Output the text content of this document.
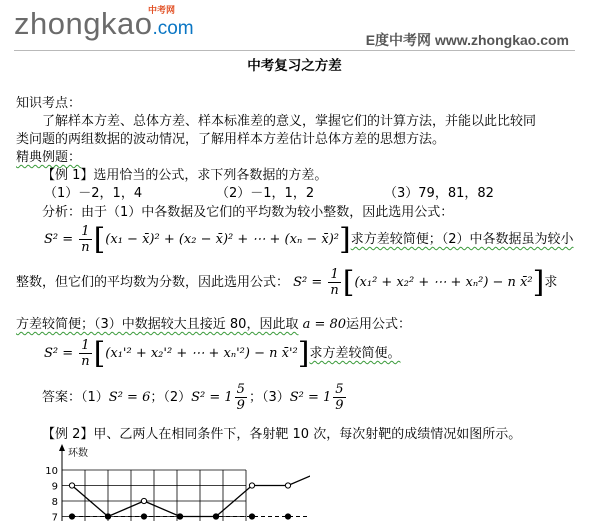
zhongkao.com
中考网
E度中考网 www.zhongkao.com
中考复习之方差
知识考点：
了解样本方差、总体方差、样本标准差的意义，掌握它们的计算方法，并能以此比较同
类问题的两组数据的波动情况，了解用样本方差估计总体方差的思想方法。
精典例题：
【例 1】选用恰当的公式，求下列各数据的方差。
（1）－2，1，4	（2）－1，1，2	（3）79，81，82
分析：由于（1）中各数据及它们的平均数为较小整数，因此选用公式：
$S^2 = \frac{1}{n} [(x_1$ − x̄)² + (x₂ − x̄)² + ⋯ + (xₙ − x̄)²]求方差较简便；（2）中各数据虽为较小
整数，但它们的平均数为分数，因此选用公式： $S^2 = \frac{1}{n} [(x_1^2 + x_2^2$ + ⋯ + xₙ²) − n x̄²]求
方差较简便；（3）中数据较大且接近 80，因此取 a = 80运用公式：
$S^2 = \frac{1}{n} [(x_1'^2 + x_2'^2$ + ⋯ + xₙ'²) − n x̄'²]求方差较简便。
答案：（1）S² = 6；$(2)S^2 = 1 \frac{5}{9}$ ；$(3)S^2 = 1 \frac{5}{9}$
【例 2】甲、乙两人在相同条件下，各射靶 10 次，每次射靶的成绩情况如图所示。
环数
10
9
8
7
